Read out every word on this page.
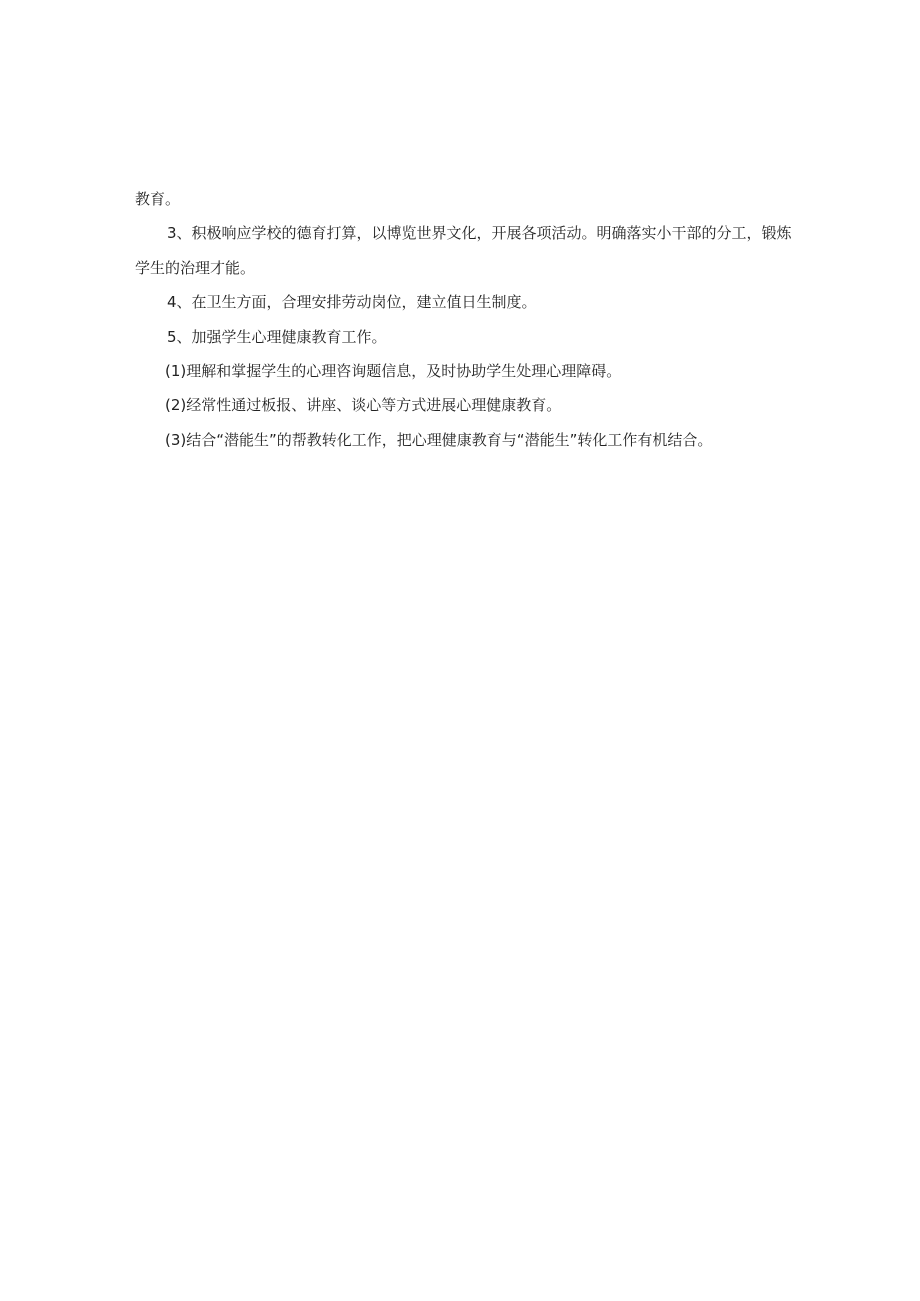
教育。

3、积极响应学校的德育打算，以博览世界文化，开展各项活动。明确落实小干部的分工，锻炼学生的治理才能。

4、在卫生方面，合理安排劳动岗位，建立值日生制度。

5、加强学生心理健康教育工作。

(1)理解和掌握学生的心理咨询题信息，及时协助学生处理心理障碍。

(2)经常性通过板报、讲座、谈心等方式进展心理健康教育。

(3)结合“潜能生”的帮教转化工作，把心理健康教育与“潜能生”转化工作有机结合。
